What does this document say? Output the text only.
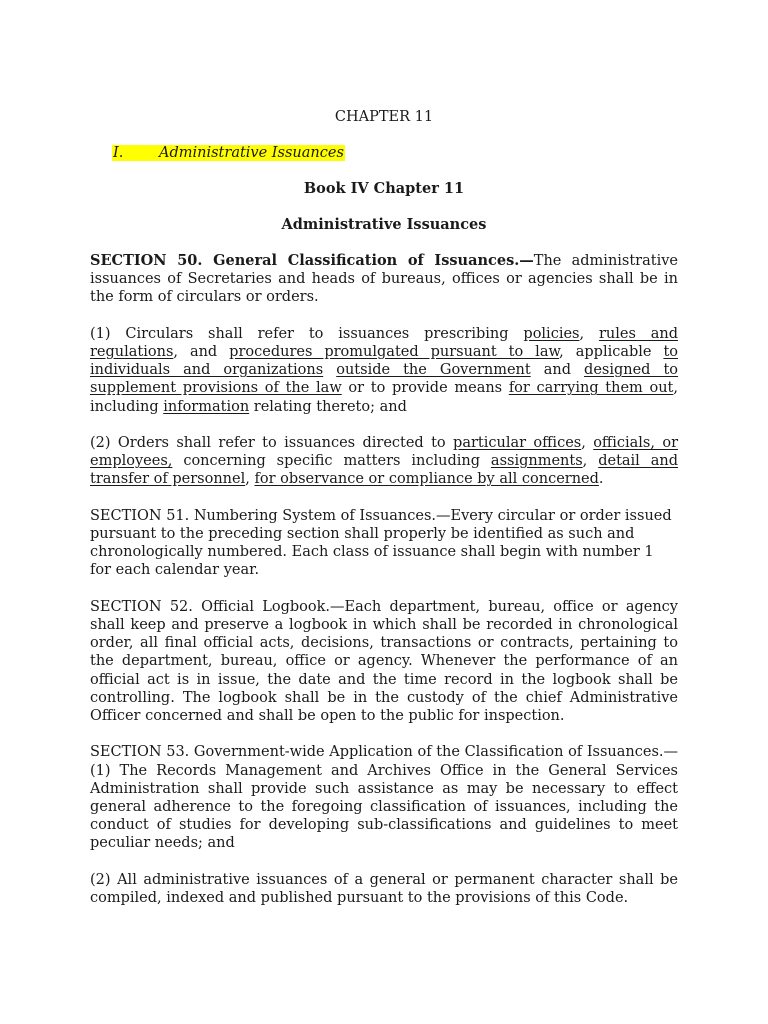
CHAPTER 11
I. Administrative Issuances
Book IV Chapter 11
Administrative Issuances

SECTION 50. General Classification of Issuances.—The administrative issuances of Secretaries and heads of bureaus, offices or agencies shall be in the form of circulars or orders.

(1) Circulars shall refer to issuances prescribing policies, rules and regulations, and procedures promulgated pursuant to law, applicable to individuals and organizations outside the Government and designed to supplement provisions of the law or to provide means for carrying them out, including information relating thereto; and

(2) Orders shall refer to issuances directed to particular offices, officials, or employees, concerning specific matters including assignments, detail and transfer of personnel, for observance or compliance by all concerned.

SECTION 51. Numbering System of Issuances.—Every circular or order issued pursuant to the preceding section shall properly be identified as such and chronologically numbered. Each class of issuance shall begin with number 1 for each calendar year.

SECTION 52. Official Logbook.—Each department, bureau, office or agency shall keep and preserve a logbook in which shall be recorded in chronological order, all final official acts, decisions, transactions or contracts, pertaining to the department, bureau, office or agency. Whenever the performance of an official act is in issue, the date and the time record in the logbook shall be controlling. The logbook shall be in the custody of the chief Administrative Officer concerned and shall be open to the public for inspection.

SECTION 53. Government-wide Application of the Classification of Issuances.—(1) The Records Management and Archives Office in the General Services Administration shall provide such assistance as may be necessary to effect general adherence to the foregoing classification of issuances, including the conduct of studies for developing sub-classifications and guidelines to meet peculiar needs; and

(2) All administrative issuances of a general or permanent character shall be compiled, indexed and published pursuant to the provisions of this Code.
